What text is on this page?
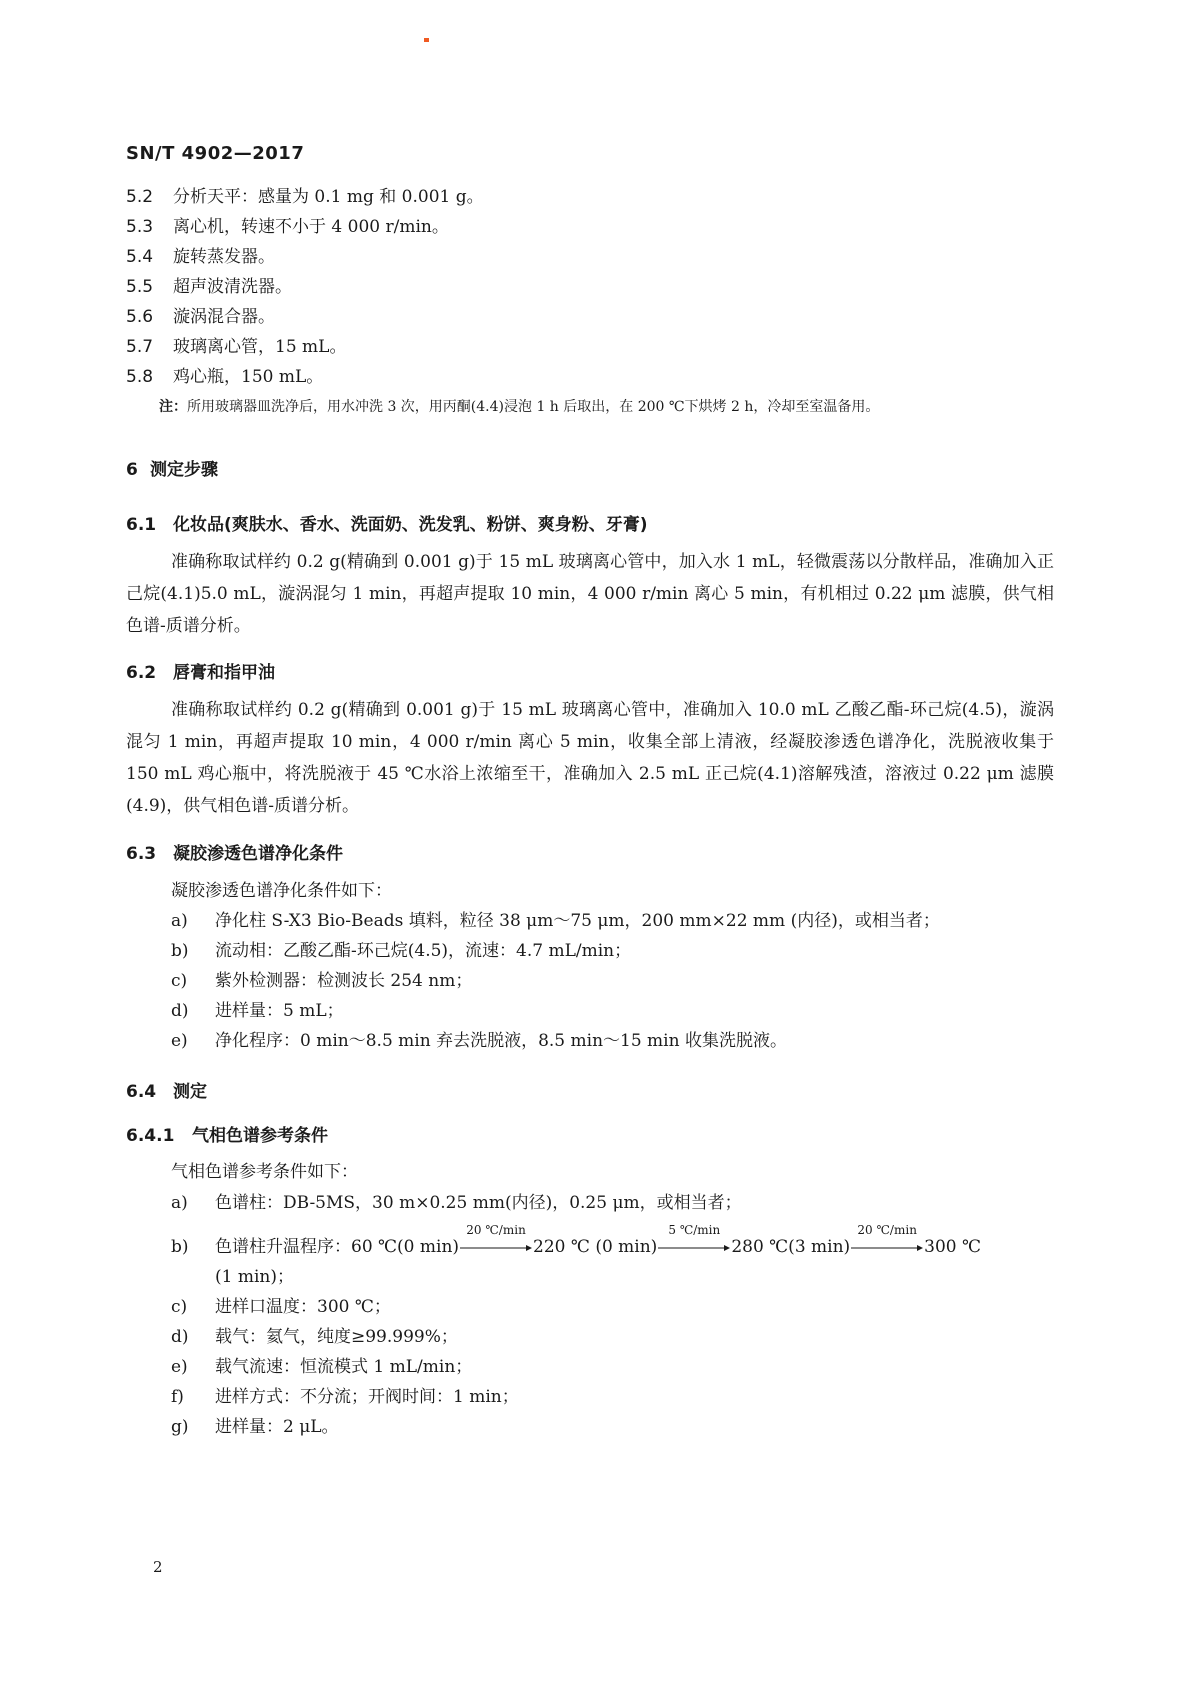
SN/T 4902—2017
5.2 分析天平：感量为 0.1 mg 和 0.001 g。
5.3 离心机，转速不小于 4 000 r/min。
5.4 旋转蒸发器。
5.5 超声波清洗器。
5.6 漩涡混合器。
5.7 玻璃离心管，15 mL。
5.8 鸡心瓶，150 mL。
注：所用玻璃器皿洗净后，用水冲洗 3 次，用丙酮(4.4)浸泡 1 h 后取出，在 200 ℃下烘烤 2 h，冷却至室温备用。
6 测定步骤
6.1 化妆品(爽肤水、香水、洗面奶、洗发乳、粉饼、爽身粉、牙膏)

准确称取试样约 0.2 g(精确到 0.001 g)于 15 mL 玻璃离心管中，加入水 1 mL，轻微震荡以分散样品，准确加入正己烷(4.1)5.0 mL，漩涡混匀 1 min，再超声提取 10 min，4 000 r/min 离心 5 min，有机相过 0.22 μm 滤膜，供气相色谱-质谱分析。

6.2 唇膏和指甲油

准确称取试样约 0.2 g(精确到 0.001 g)于 15 mL 玻璃离心管中，准确加入 10.0 mL 乙酸乙酯-环己烷(4.5)，漩涡混匀 1 min，再超声提取 10 min，4 000 r/min 离心 5 min，收集全部上清液，经凝胶渗透色谱净化，洗脱液收集于 150 mL 鸡心瓶中，将洗脱液于 45 ℃水浴上浓缩至干，准确加入 2.5 mL 正己烷(4.1)溶解残渣，溶液过 0.22 μm 滤膜(4.9)，供气相色谱-质谱分析。

6.3 凝胶渗透色谱净化条件
凝胶渗透色谱净化条件如下：
a) 净化柱 S-X3 Bio-Beads 填料，粒径 38 μm～75 μm，200 mm×22 mm (内径)，或相当者；
b) 流动相：乙酸乙酯-环己烷(4.5)，流速：4.7 mL/min；
c) 紫外检测器：检测波长 254 nm；
d) 进样量：5 mL；
e) 净化程序：0 min～8.5 min 弃去洗脱液，8.5 min～15 min 收集洗脱液。
6.4 测定
6.4.1 气相色谱参考条件
气相色谱参考条件如下：
a) 色谱柱：DB-5MS，30 m×0.25 mm(内径)，0.25 μm，或相当者；
b) 色谱柱升温程序：60 ℃(0 min)
20 ℃/min
220 ℃ (0 min)
5 ℃/min
280 ℃(3 min)
20 ℃/min
300 ℃
(1 min)；
c) 进样口温度：300 ℃；
d) 载气：氦气，纯度≥99.999%；
e) 载气流速：恒流模式 1 mL/min；
f) 进样方式：不分流；开阀时间：1 min；
g) 进样量：2 μL。
2
